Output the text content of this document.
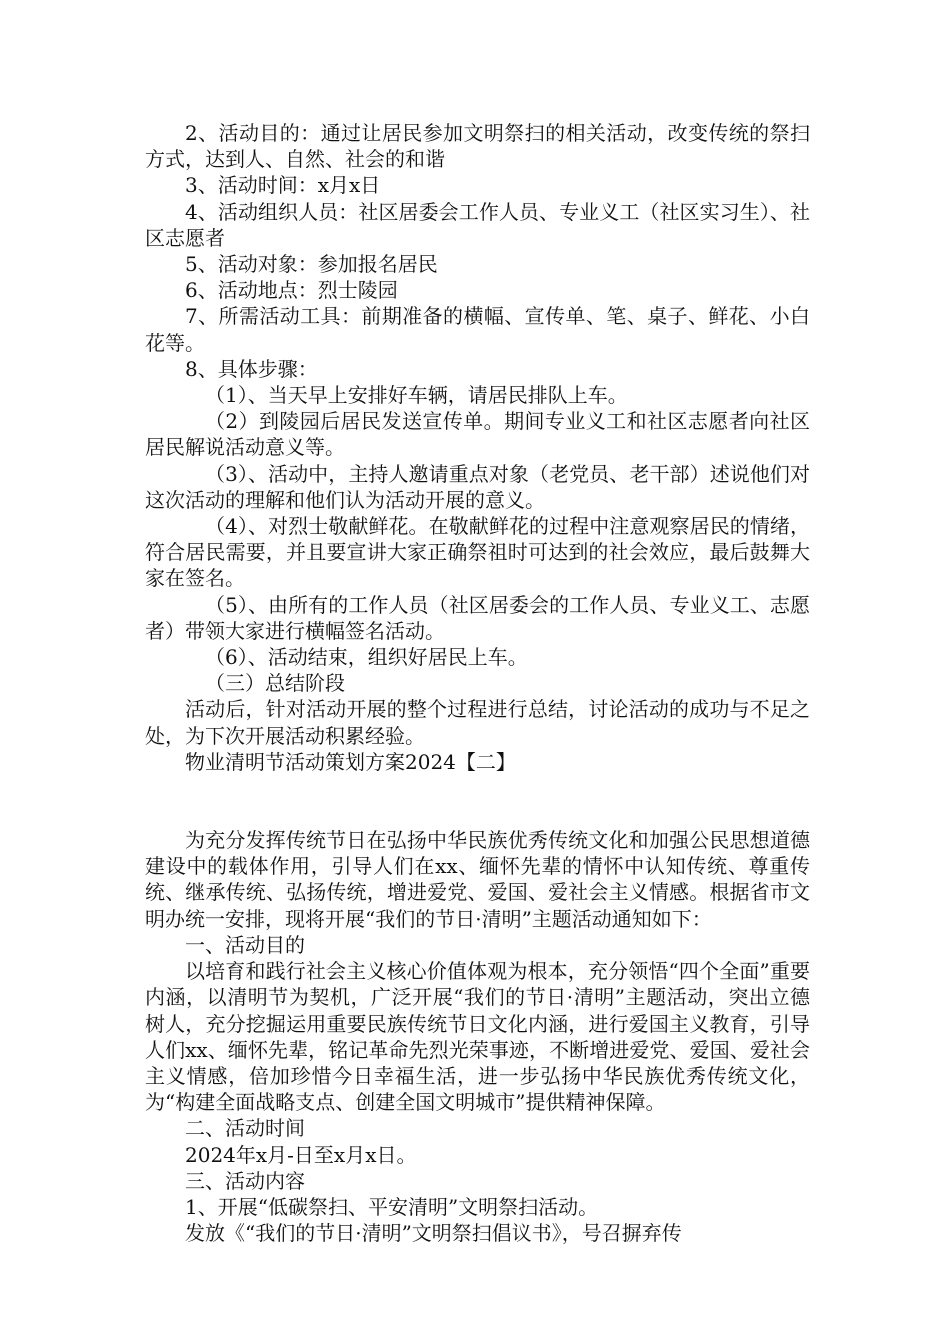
2、活动目的：通过让居民参加文明祭扫的相关活动，改变传统的祭扫方式，达到人、自然、社会的和谐

3、活动时间：x月x日

4、活动组织人员：社区居委会工作人员、专业义工（社区实习生）、社区志愿者

5、活动对象：参加报名居民

6、活动地点：烈士陵园

7、所需活动工具：前期准备的横幅、宣传单、笔、桌子、鲜花、小白花等。

8、具体步骤：

（1）、当天早上安排好车辆，请居民排队上车。

（2）到陵园后居民发送宣传单。期间专业义工和社区志愿者向社区居民解说活动意义等。

（3）、活动中，主持人邀请重点对象（老党员、老干部）述说他们对这次活动的理解和他们认为活动开展的意义。

（4）、对烈士敬献鲜花。在敬献鲜花的过程中注意观察居民的情绪，符合居民需要，并且要宣讲大家正确祭祖时可达到的社会效应，最后鼓舞大家在签名。

（5）、由所有的工作人员（社区居委会的工作人员、专业义工、志愿者）带领大家进行横幅签名活动。

（6）、活动结束，组织好居民上车。

（三）总结阶段

活动后，针对活动开展的整个过程进行总结，讨论活动的成功与不足之处，为下次开展活动积累经验。

物业清明节活动策划方案2024【二】

为充分发挥传统节日在弘扬中华民族优秀传统文化和加强公民思想道德建设中的载体作用，引导人们在xx、缅怀先辈的情怀中认知传统、尊重传统、继承传统、弘扬传统，增进爱党、爱国、爱社会主义情感。根据省市文明办统一安排，现将开展“我们的节日·清明”主题活动通知如下：

一、活动目的

以培育和践行社会主义核心价值体观为根本，充分领悟“四个全面”重要内涵，以清明节为契机，广泛开展“我们的节日·清明”主题活动，突出立德树人，充分挖掘运用重要民族传统节日文化内涵，进行爱国主义教育，引导人们xx、缅怀先辈，铭记革命先烈光荣事迹，不断增进爱党、爱国、爱社会主义情感，倍加珍惜今日幸福生活，进一步弘扬中华民族优秀传统文化，为“构建全面战略支点、创建全国文明城市”提供精神保障。

二、活动时间

2024年x月-日至x月x日。

三、活动内容

1、开展“低碳祭扫、平安清明”文明祭扫活动。

发放《“我们的节日·清明”文明祭扫倡议书》，号召摒弃传
